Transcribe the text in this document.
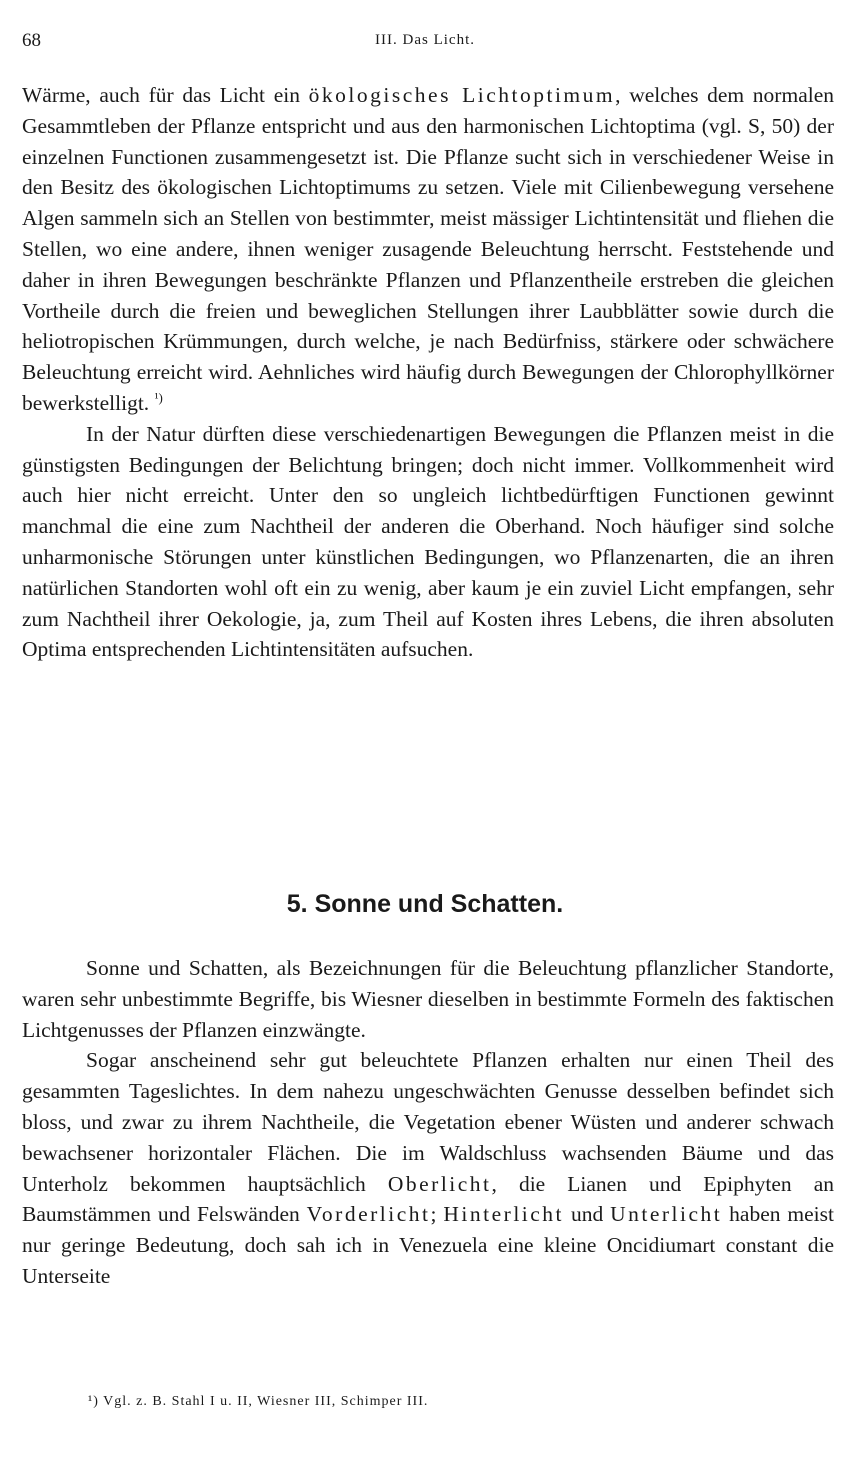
68	III. Das Licht.

Wärme, auch für das Licht ein ökologisches Lichtoptimum, welches dem normalen Gesammtleben der Pflanze entspricht und aus den harmonischen Lichtoptima (vgl. S, 50) der einzelnen Functionen zusammengesetzt ist. Die Pflanze sucht sich in verschiedener Weise in den Besitz des ökologischen Lichtoptimums zu setzen. Viele mit Cilienbewegung versehene Algen sammeln sich an Stellen von bestimmter, meist mässiger Lichtintensität und fliehen die Stellen, wo eine andere, ihnen weniger zusagende Beleuchtung herrscht. Feststehende und daher in ihren Bewegungen beschränkte Pflanzen und Pflanzentheile erstreben die gleichen Vortheile durch die freien und beweglichen Stellungen ihrer Laubblätter sowie durch die heliotropischen Krümmungen, durch welche, je nach Bedürfniss, stärkere oder schwächere Beleuchtung erreicht wird. Aehnliches wird häufig durch Bewegungen der Chlorophyllkörner bewerkstelligt. $^{^1)}$

In der Natur dürften diese verschiedenartigen Bewegungen die Pflanzen meist in die günstigsten Bedingungen der Belichtung bringen; doch nicht immer. Vollkommenheit wird auch hier nicht erreicht. Unter den so ungleich lichtbedürftigen Functionen gewinnt manchmal die eine zum Nachtheil der anderen die Oberhand. Noch häufiger sind solche unharmonische Störungen unter künstlichen Bedingungen, wo Pflanzenarten, die an ihren natürlichen Standorten wohl oft ein zu wenig, aber kaum je ein zuviel Licht empfangen, sehr zum Nachtheil ihrer Oekologie, ja, zum Theil auf Kosten ihres Lebens, die ihren absoluten Optima entsprechenden Lichtintensitäten aufsuchen.

5. Sonne und Schatten.

Sonne und Schatten, als Bezeichnungen für die Beleuchtung pflanzlicher Standorte, waren sehr unbestimmte Begriffe, bis Wiesner dieselben in bestimmte Formeln des faktischen Lichtgenusses der Pflanzen einzwängte.

Sogar anscheinend sehr gut beleuchtete Pflanzen erhalten nur einen Theil des gesammten Tageslichtes. In dem nahezu ungeschwächten Genusse desselben befindet sich bloss, und zwar zu ihrem Nachtheile, die Vegetation ebener Wüsten und anderer schwach bewachsener horizontaler Flächen. Die im Waldschluss wachsenden Bäume und das Unterholz bekommen hauptsächlich Oberlicht, die Lianen und Epiphyten an Baumstämmen und Felswänden Vorderlicht; Hinterlicht und Unterlicht haben meist nur geringe Bedeutung, doch sah ich in Venezuela eine kleine Oncidiumart constant die Unterseite

¹) Vgl. z. B. Stahl I u. II, Wiesner III, Schimper III.
